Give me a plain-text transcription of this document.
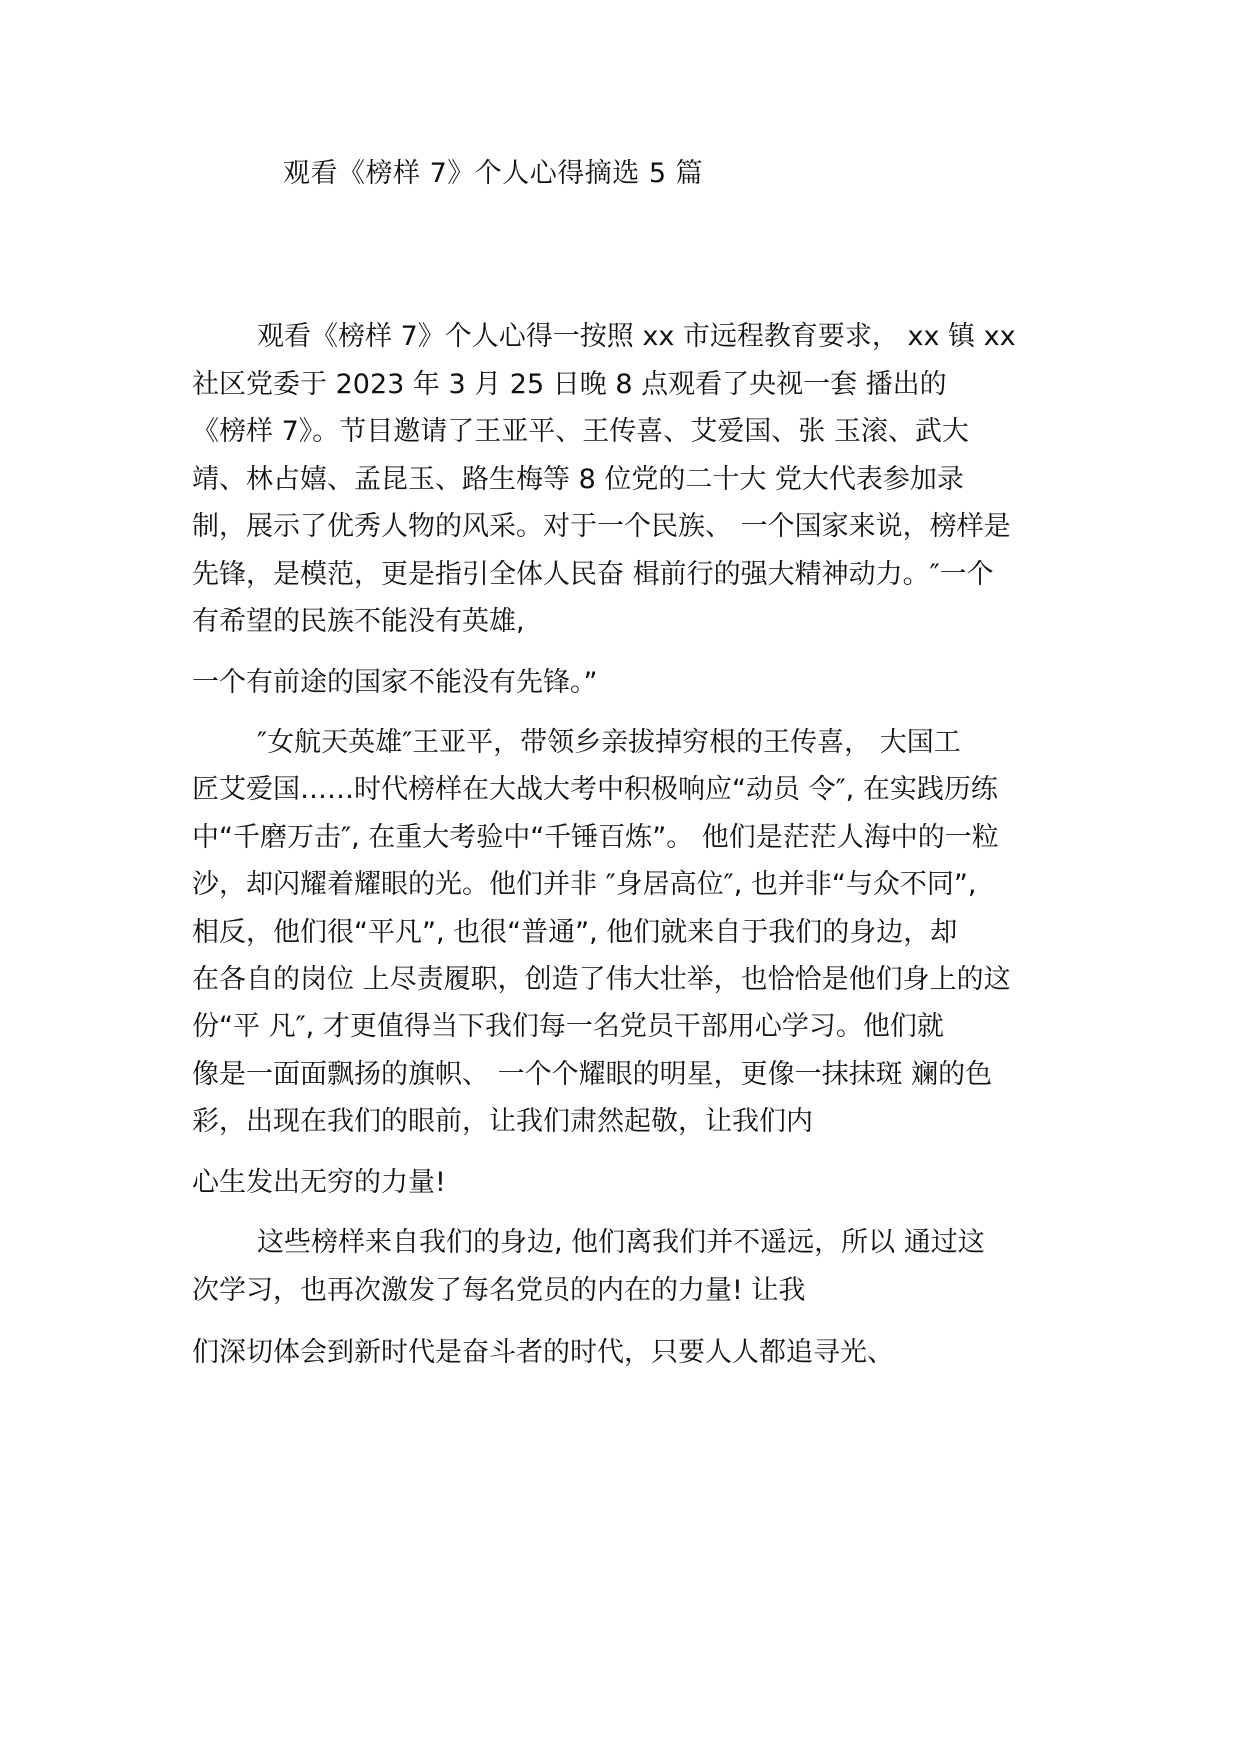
观看《榜样 7》个人心得摘选 5 篇
观看《榜样 7》个人心得一按照 xx 市远程教育要求， xx 镇 xx
社区党委于 2023 年 3 月 25 日晚 8 点观看了央视一套 播出的
《榜样 7》。节目邀请了王亚平、王传喜、艾爱国、张 玉滚、武大
靖、林占嬉、孟昆玉、路生梅等 8 位党的二十大 党大代表参加录
制，展示了优秀人物的风采。对于一个民族、 一个国家来说，榜样是
先锋，是模范，更是指引全体人民奋 楫前行的强大精神动力。″一个
有希望的民族不能没有英雄,
一个有前途的国家不能没有先锋。”
″女航天英雄″王亚平，带领乡亲拔掉穷根的王传喜， 大国工
匠艾爱国……时代榜样在大战大考中积极响应“动员 令″, 在实践历练
中“千磨万击″, 在重大考验中“千锤百炼”。 他们是茫茫人海中的一粒
沙，却闪耀着耀眼的光。他们并非 ″身居高位″, 也并非“与众不同”,
相反，他们很“平凡”, 也很“普通”, 他们就来自于我们的身边，却
在各自的岗位 上尽责履职，创造了伟大壮举，也恰恰是他们身上的这
份“平 凡″, 才更值得当下我们每一名党员干部用心学习。他们就
像是一面面飘扬的旗帜、 一个个耀眼的明星，更像一抹抹斑 斓的色
彩，出现在我们的眼前，让我们肃然起敬，让我们内
心生发出无穷的力量!
这些榜样来自我们的身边, 他们离我们并不遥远，所以 通过这
次学习，也再次激发了每名党员的内在的力量! 让我
们深切体会到新时代是奋斗者的时代，只要人人都追寻光、
